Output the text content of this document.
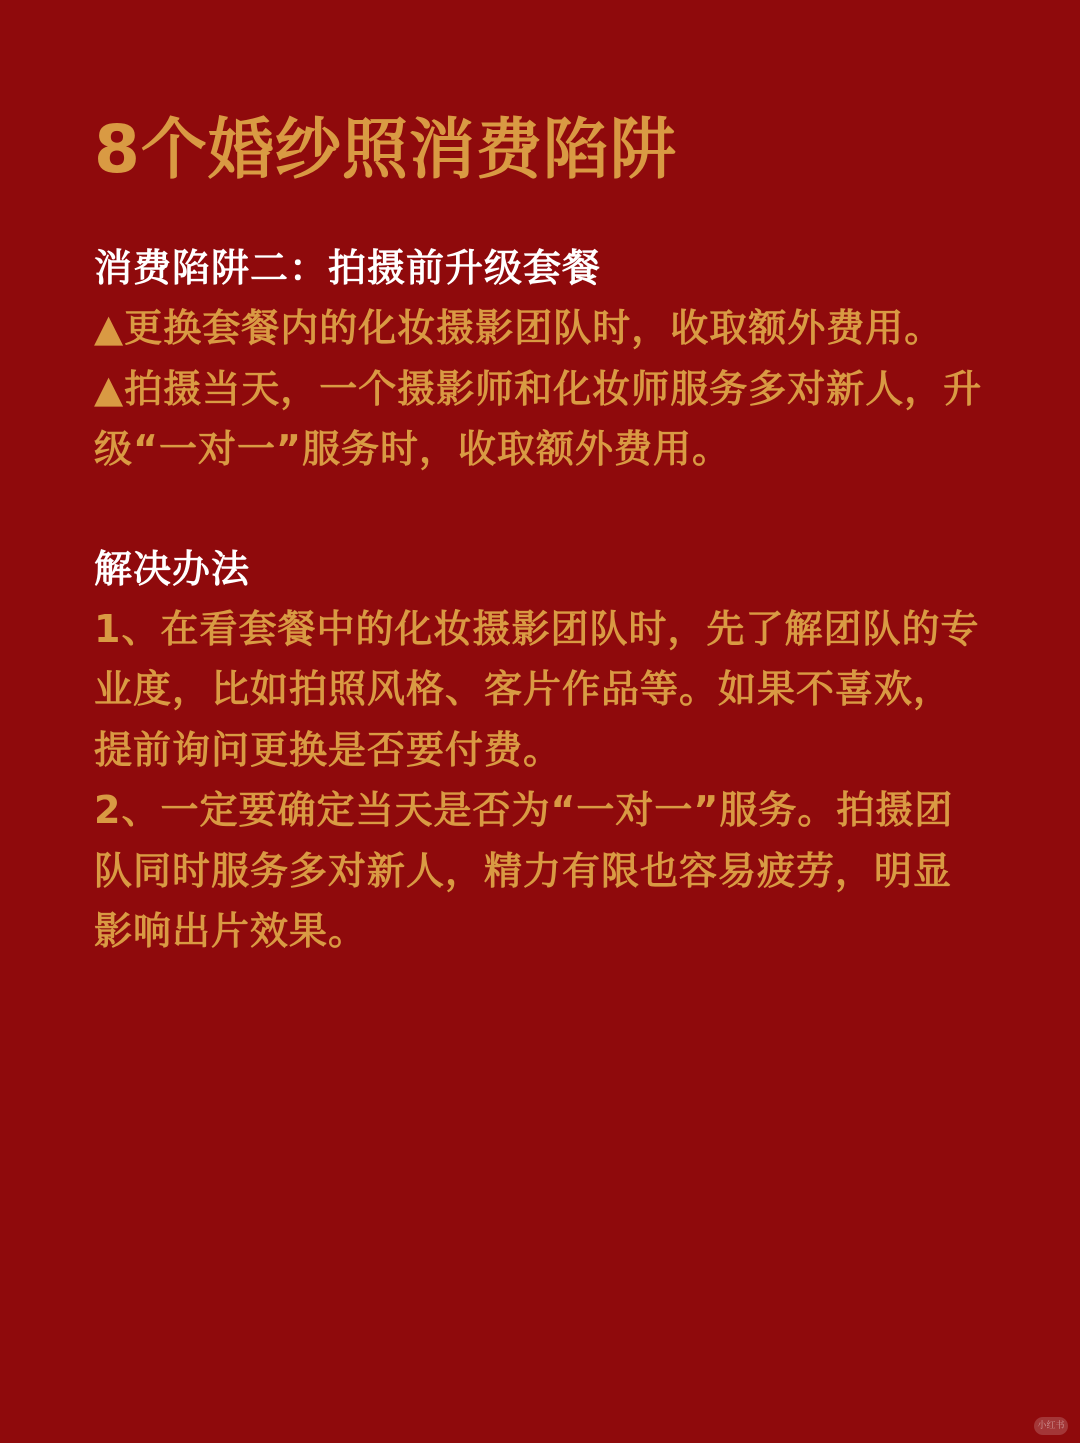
8个婚纱照消费陷阱
消费陷阱二：拍摄前升级套餐
▲更换套餐内的化妆摄影团队时，收取额外费用。
▲拍摄当天，一个摄影师和化妆师服务多对新人，升级“一对一”服务时，收取额外费用。
解决办法
1、在看套餐中的化妆摄影团队时，先了解团队的专业度，比如拍照风格、客片作品等。如果不喜欢，提前询问更换是否要付费。
2、一定要确定当天是否为“一对一”服务。拍摄团队同时服务多对新人，精力有限也容易疲劳，明显影响出片效果。
小红书
